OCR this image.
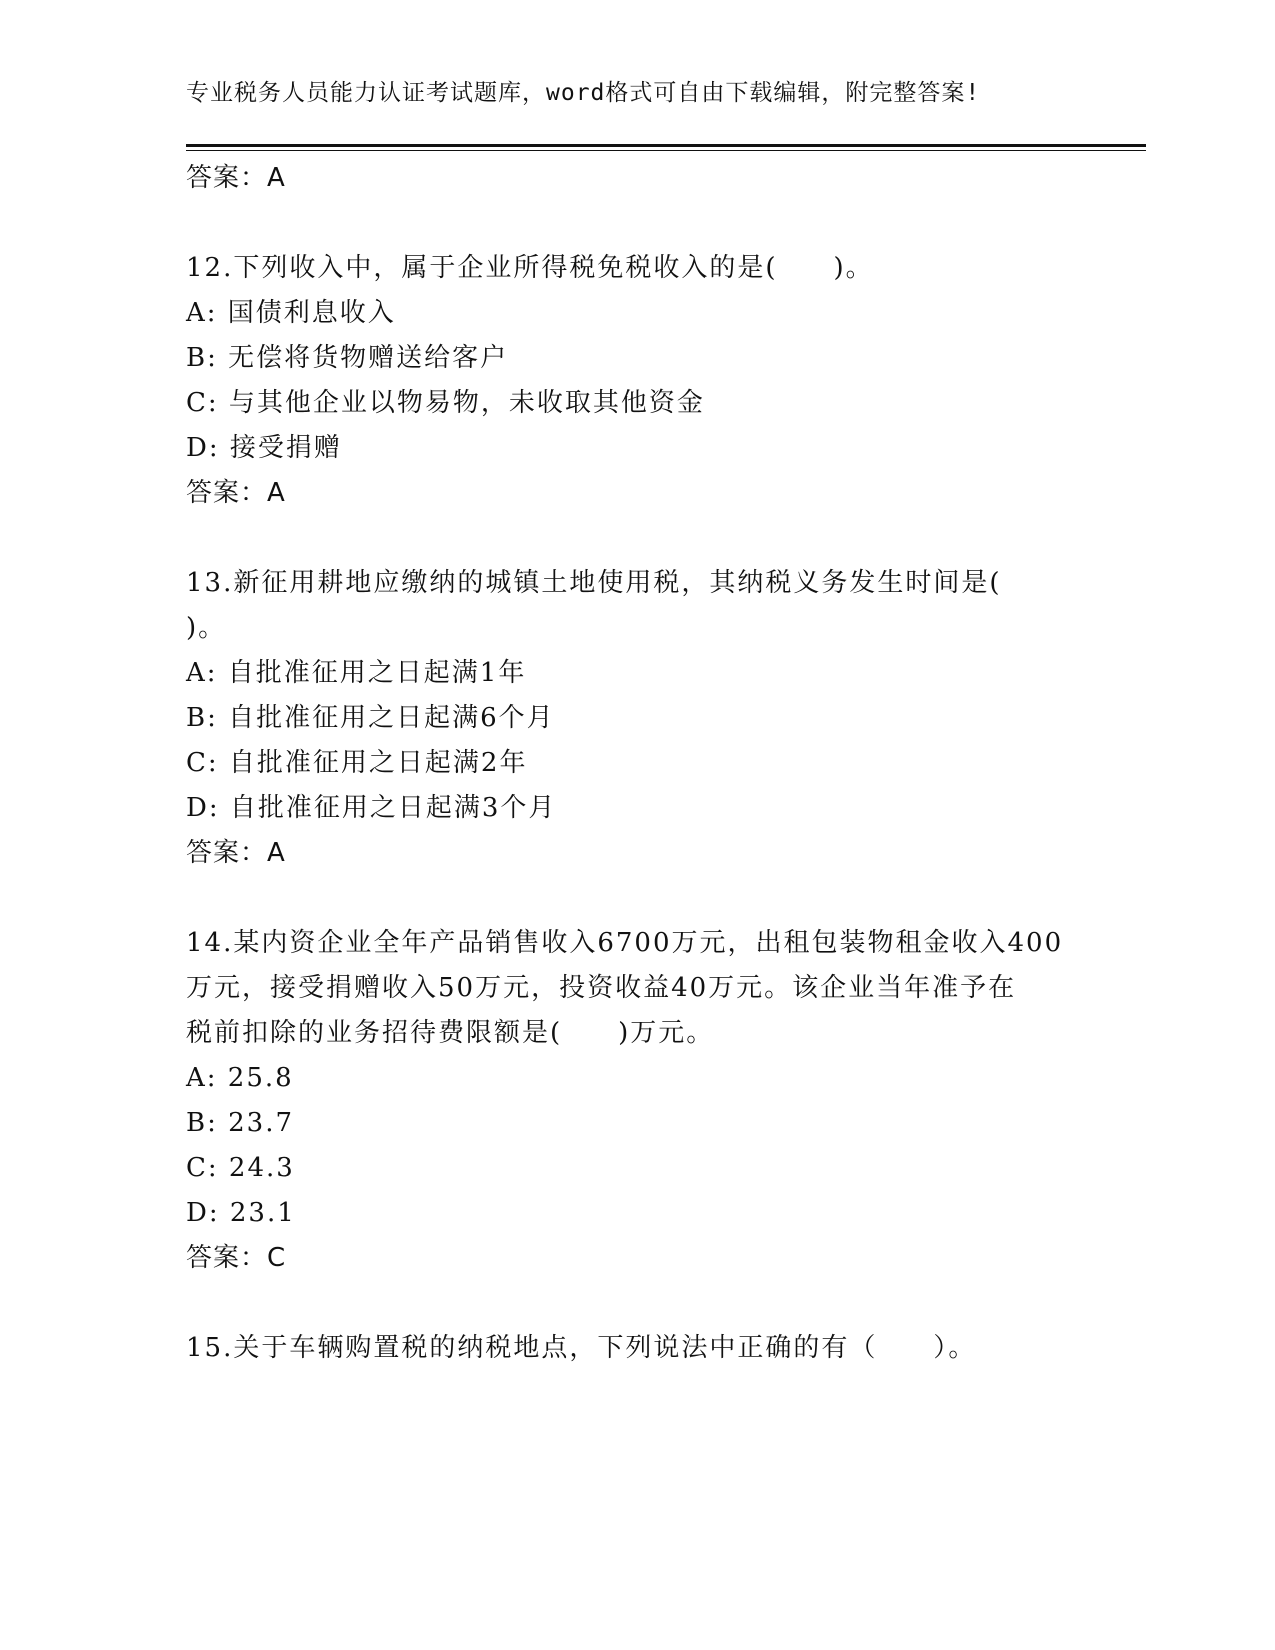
专业税务人员能力认证考试题库，word格式可自由下载编辑，附完整答案!
答案：A
12.下列收入中，属于企业所得税免税收入的是(　　)。
A: 国债利息收入
B: 无偿将货物赠送给客户
C: 与其他企业以物易物，未收取其他资金
D: 接受捐赠
答案：A
13.新征用耕地应缴纳的城镇土地使用税，其纳税义务发生时间是(
)。
A: 自批准征用之日起满1年
B: 自批准征用之日起满6个月
C: 自批准征用之日起满2年
D: 自批准征用之日起满3个月
答案：A
14.某内资企业全年产品销售收入6700万元，出租包装物租金收入400
万元，接受捐赠收入50万元，投资收益40万元。该企业当年准予在
税前扣除的业务招待费限额是(　　)万元。
A: 25.8
B: 23.7
C: 24.3
D: 23.1
答案：C
15.关于车辆购置税的纳税地点，下列说法中正确的有（　　）。
